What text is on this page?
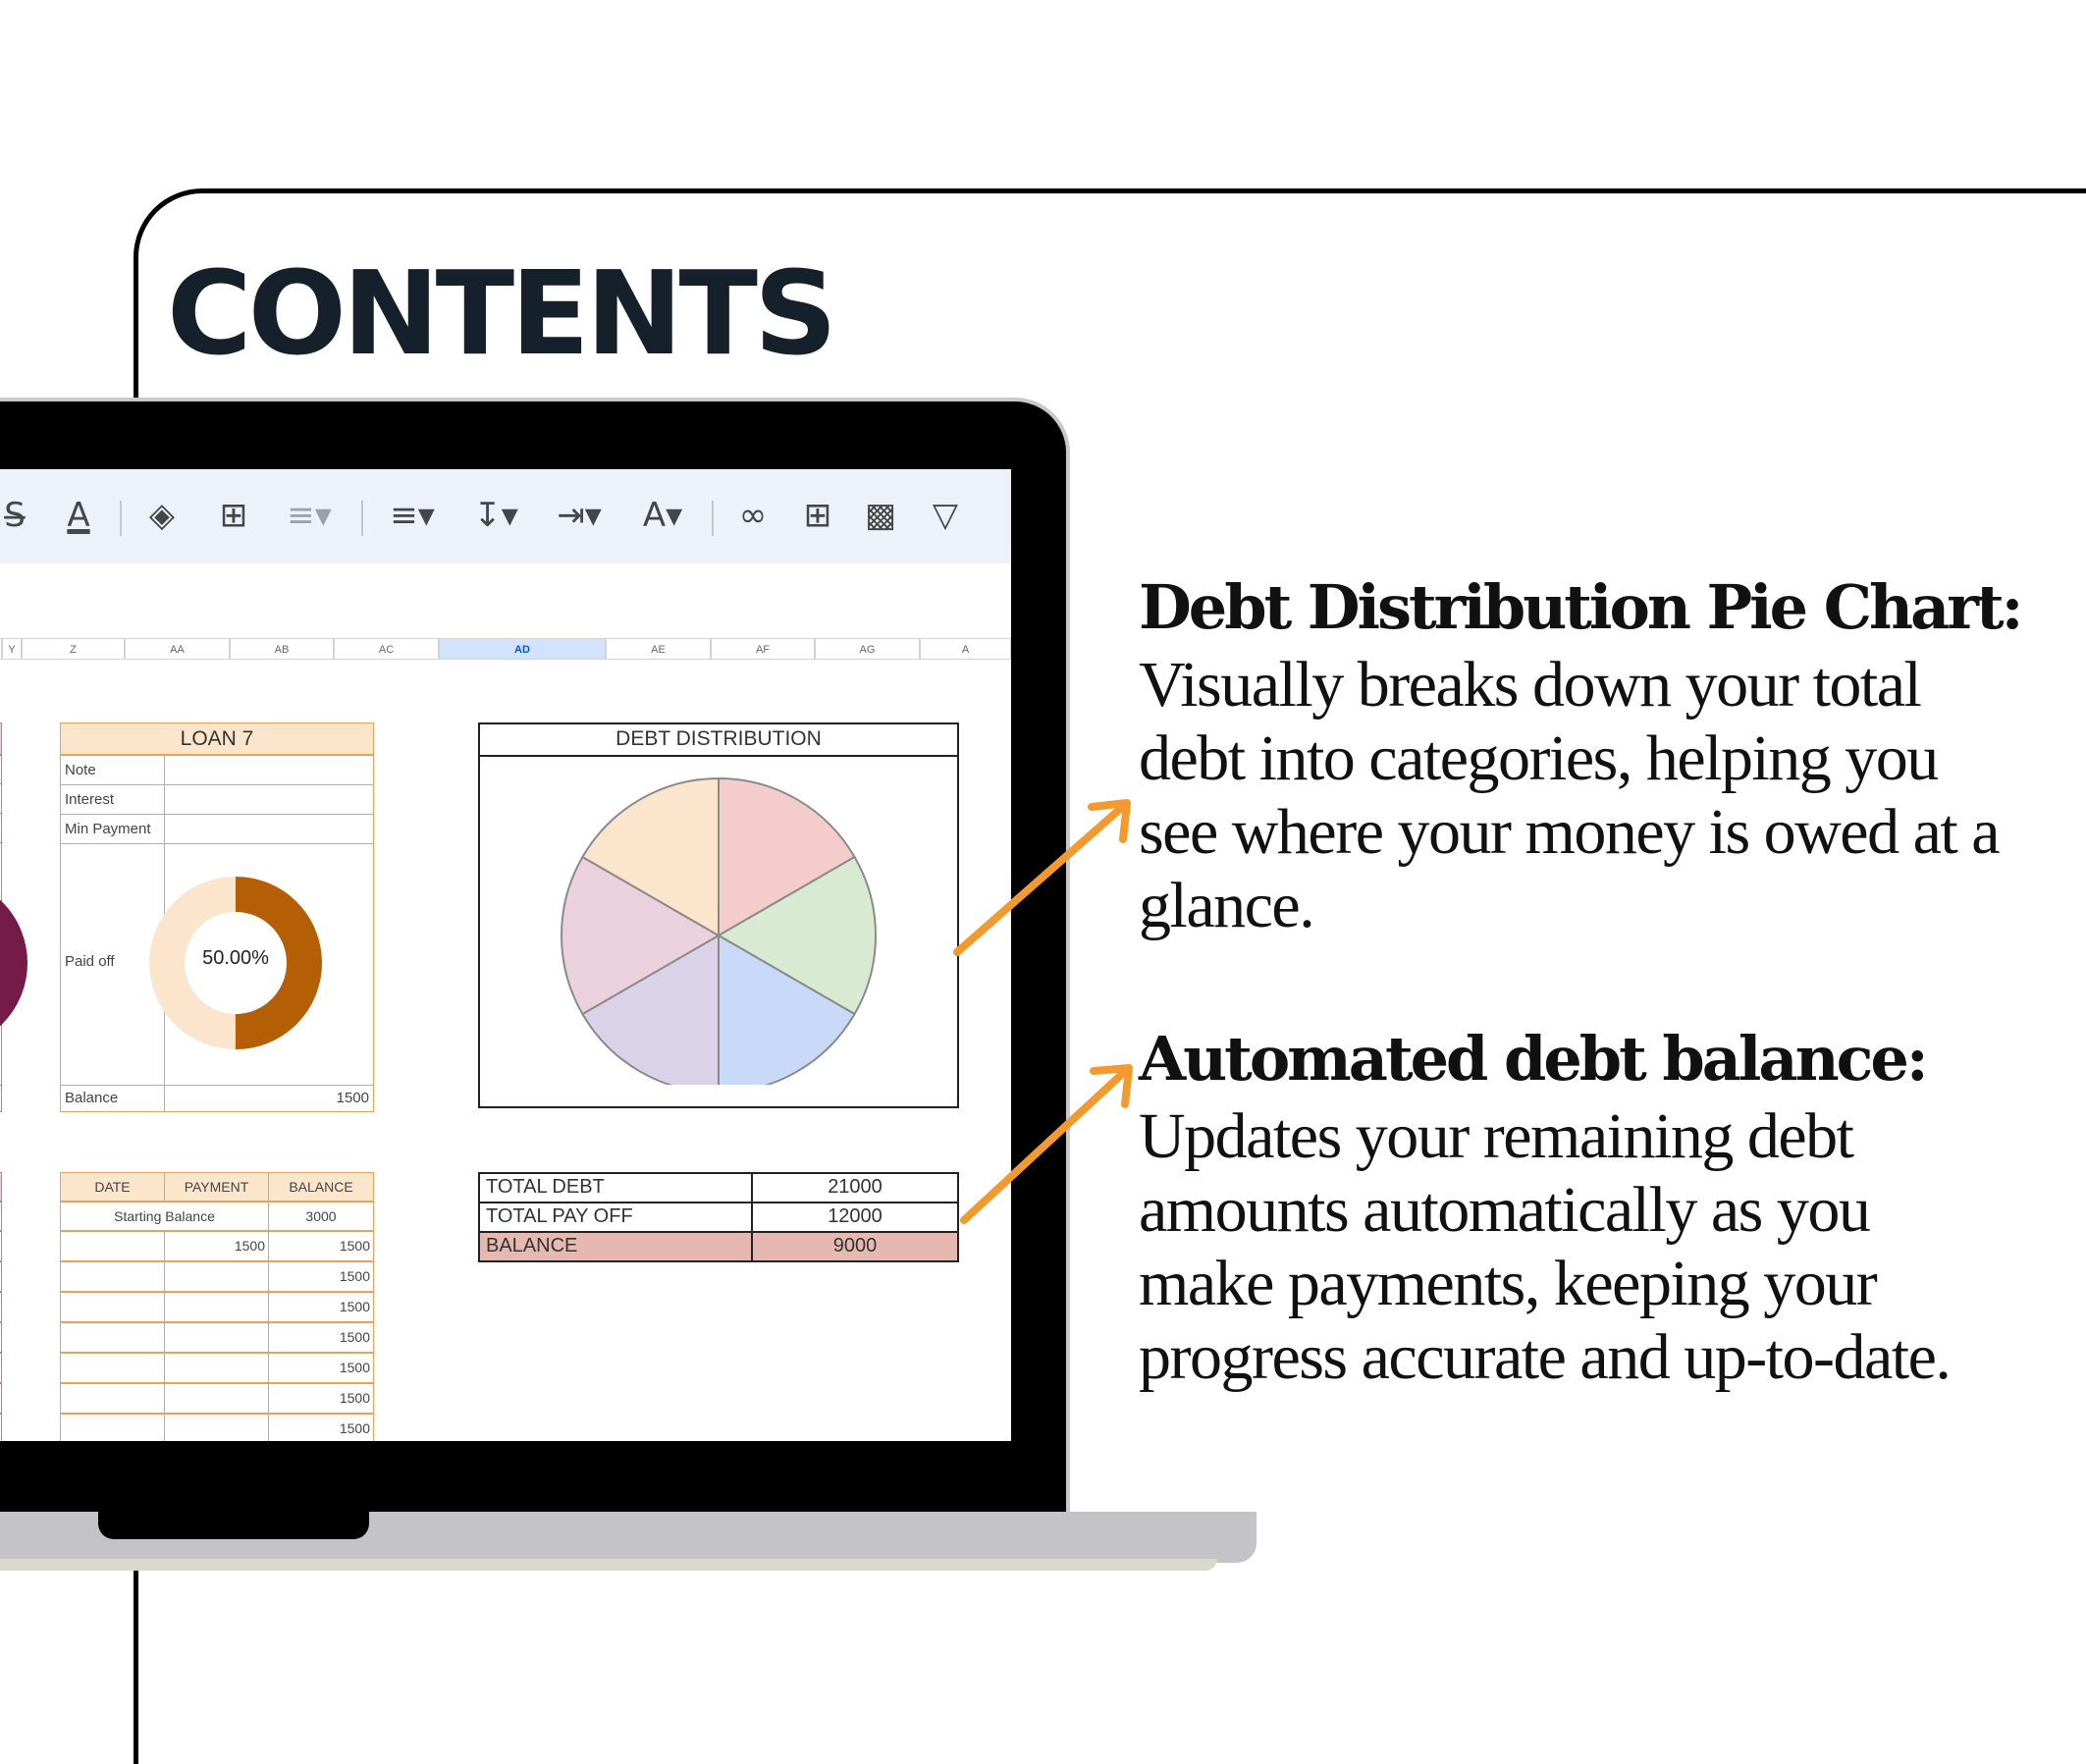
CONTENTS
S̶	A	◈	⊞	≡▾	≡▾	↧▾	⇥▾	A▾	∞	⊞ ▩	▽
Y	Z	AA	AB	AC	AD	AE	AF	AG	A
LOAN 7
Note
Interest
Min Payment
Paid off
Balance	1500
50.00%
DEBT DISTRIBUTION
TOTAL DEBT	21000
TOTAL PAY OFF	12000
BALANCE	9000
DATE	PAYMENT	BALANCE
Starting Balance	3000
1500	1500
1500
1500
1500
1500
1500
1500
Debt Distribution Pie Chart:
Visually breaks down your total
debt into categories, helping you
see where your money is owed at a
glance.
Automated debt balance:
Updates your remaining debt
amounts automatically as you
make payments, keeping your
progress accurate and up-to-date.
